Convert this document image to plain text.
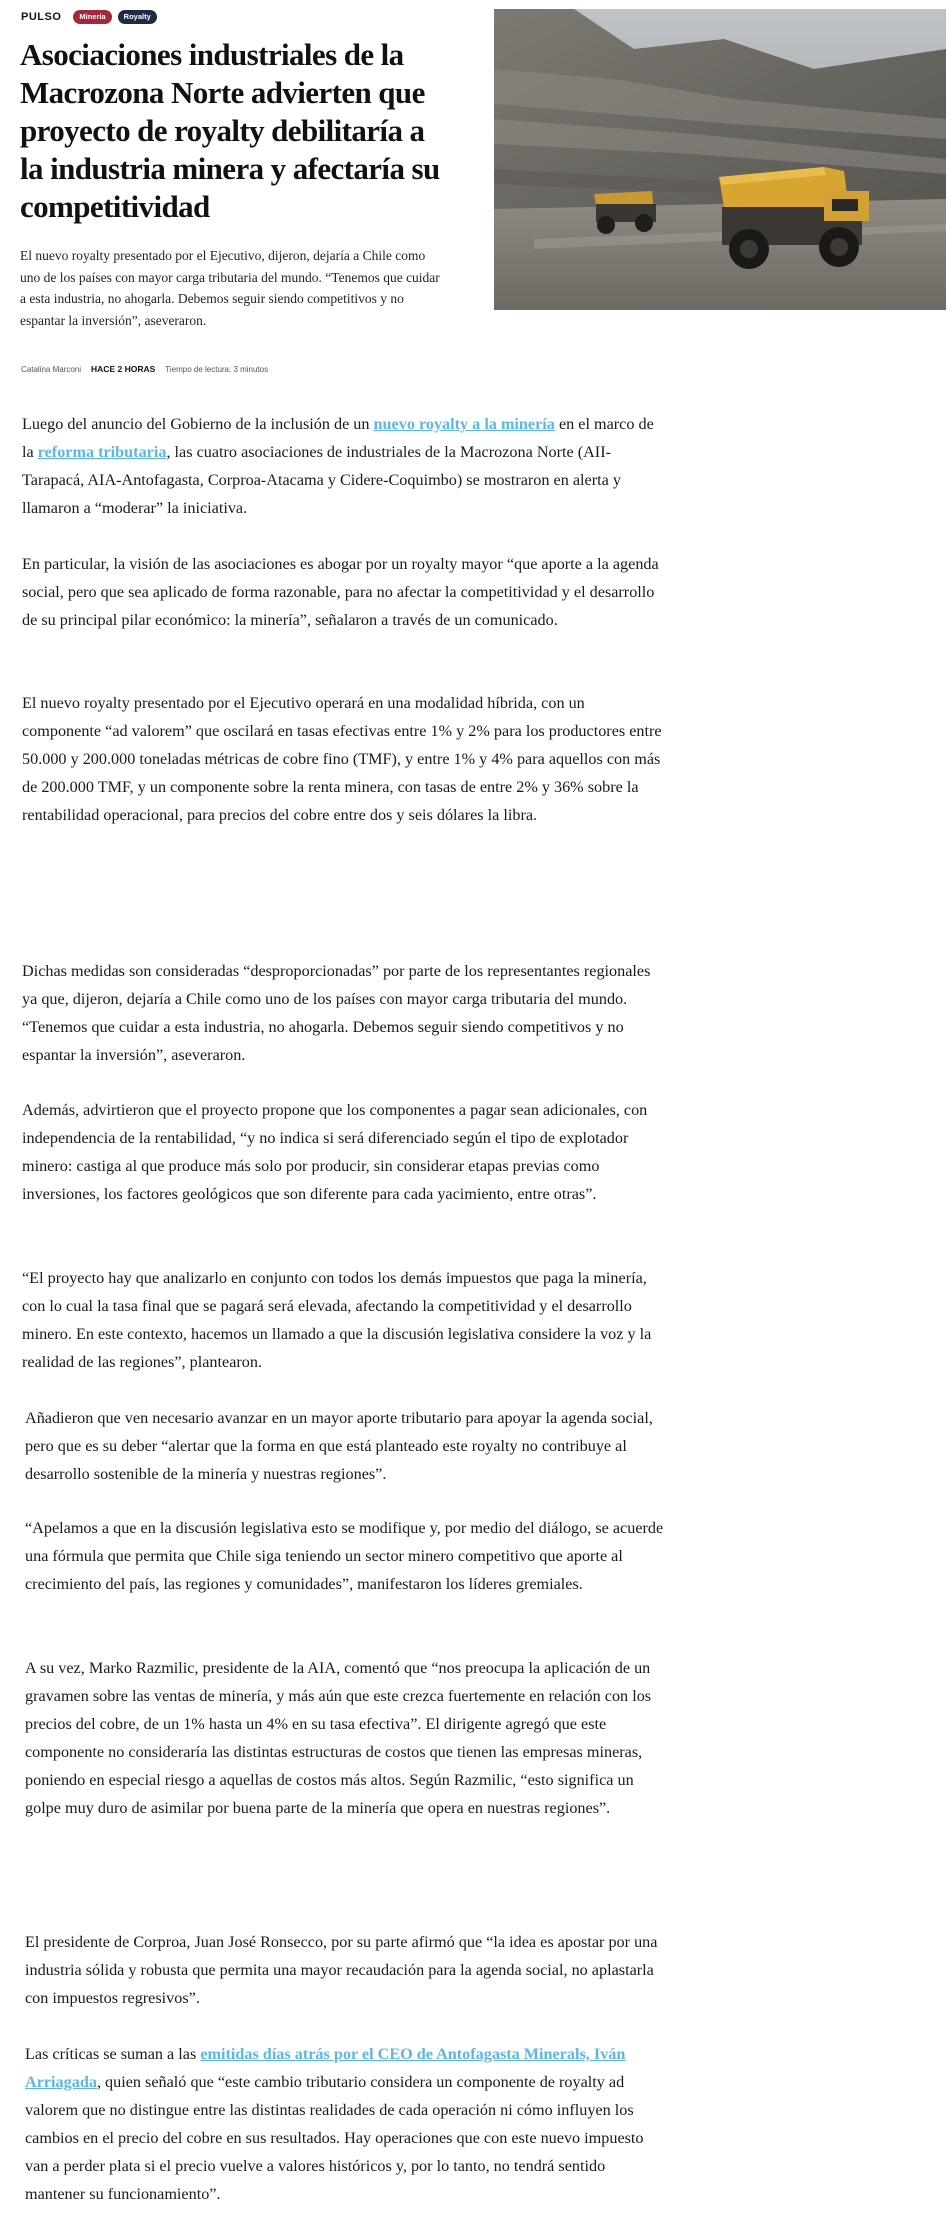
PULSO	Minería	Royalty
Asociaciones industriales de la Macrozona Norte advierten que proyecto de royalty debilitaría a la industria minera y afectaría su competitividad

El nuevo royalty presentado por el Ejecutivo, dijeron, dejaría a Chile como uno de los países con mayor carga tributaria del mundo. “Tenemos que cuidar a esta industria, no ahogarla. Debemos seguir siendo competitivos y no espantar la inversión”, aseveraron.

Catalina Marconi HACE 2 HORAS Tiempo de lectura: 3 minutos

Luego del anuncio del Gobierno de la inclusión de un nuevo royalty a la minería en el marco de la reforma tributaria, las cuatro asociaciones de industriales de la Macrozona Norte (AII-Tarapacá, AIA-Antofagasta, Corproa-Atacama y Cidere-Coquimbo) se mostraron en alerta y llamaron a “moderar” la iniciativa.

En particular, la visión de las asociaciones es abogar por un royalty mayor “que aporte a la agenda social, pero que sea aplicado de forma razonable, para no afectar la competitividad y el desarrollo de su principal pilar económico: la minería”, señalaron a través de un comunicado.

El nuevo royalty presentado por el Ejecutivo operará en una modalidad híbrida, con un componente “ad valorem” que oscilará en tasas efectivas entre 1% y 2% para los productores entre 50.000 y 200.000 toneladas métricas de cobre fino (TMF), y entre 1% y 4% para aquellos con más de 200.000 TMF, y un componente sobre la renta minera, con tasas de entre 2% y 36% sobre la rentabilidad operacional, para precios del cobre entre dos y seis dólares la libra.

Dichas medidas son consideradas “desproporcionadas” por parte de los representantes regionales ya que, dijeron, dejaría a Chile como uno de los países con mayor carga tributaria del mundo. “Tenemos que cuidar a esta industria, no ahogarla. Debemos seguir siendo competitivos y no espantar la inversión”, aseveraron.

Además, advirtieron que el proyecto propone que los componentes a pagar sean adicionales, con independencia de la rentabilidad, “y no indica si será diferenciado según el tipo de explotador minero: castiga al que produce más solo por producir, sin considerar etapas previas como inversiones, los factores geológicos que son diferente para cada yacimiento, entre otras”.

“El proyecto hay que analizarlo en conjunto con todos los demás impuestos que paga la minería, con lo cual la tasa final que se pagará será elevada, afectando la competitividad y el desarrollo minero. En este contexto, hacemos un llamado a que la discusión legislativa considere la voz y la realidad de las regiones”, plantearon.

Añadieron que ven necesario avanzar en un mayor aporte tributario para apoyar la agenda social, pero que es su deber “alertar que la forma en que está planteado este royalty no contribuye al desarrollo sostenible de la minería y nuestras regiones”.

“Apelamos a que en la discusión legislativa esto se modifique y, por medio del diálogo, se acuerde una fórmula que permita que Chile siga teniendo un sector minero competitivo que aporte al crecimiento del país, las regiones y comunidades”, manifestaron los líderes gremiales.

A su vez, Marko Razmilic, presidente de la AIA, comentó que “nos preocupa la aplicación de un gravamen sobre las ventas de minería, y más aún que este crezca fuertemente en relación con los precios del cobre, de un 1% hasta un 4% en su tasa efectiva”. El dirigente agregó que este componente no consideraría las distintas estructuras de costos que tienen las empresas mineras, poniendo en especial riesgo a aquellas de costos más altos. Según Razmilic, “esto significa un golpe muy duro de asimilar por buena parte de la minería que opera en nuestras regiones”.

El presidente de Corproa, Juan José Ronsecco, por su parte afirmó que “la idea es apostar por una industria sólida y robusta que permita una mayor recaudación para la agenda social, no aplastarla con impuestos regresivos”.

Las críticas se suman a las emitidas días atrás por el CEO de Antofagasta Minerals, Iván Arriagada, quien señaló que “este cambio tributario considera un componente de royalty ad valorem que no distingue entre las distintas realidades de cada operación ni cómo influyen los cambios en el precio del cobre en sus resultados. Hay operaciones que con este nuevo impuesto van a perder plata si el precio vuelve a valores históricos y, por lo tanto, no tendrá sentido mantener su funcionamiento”.
